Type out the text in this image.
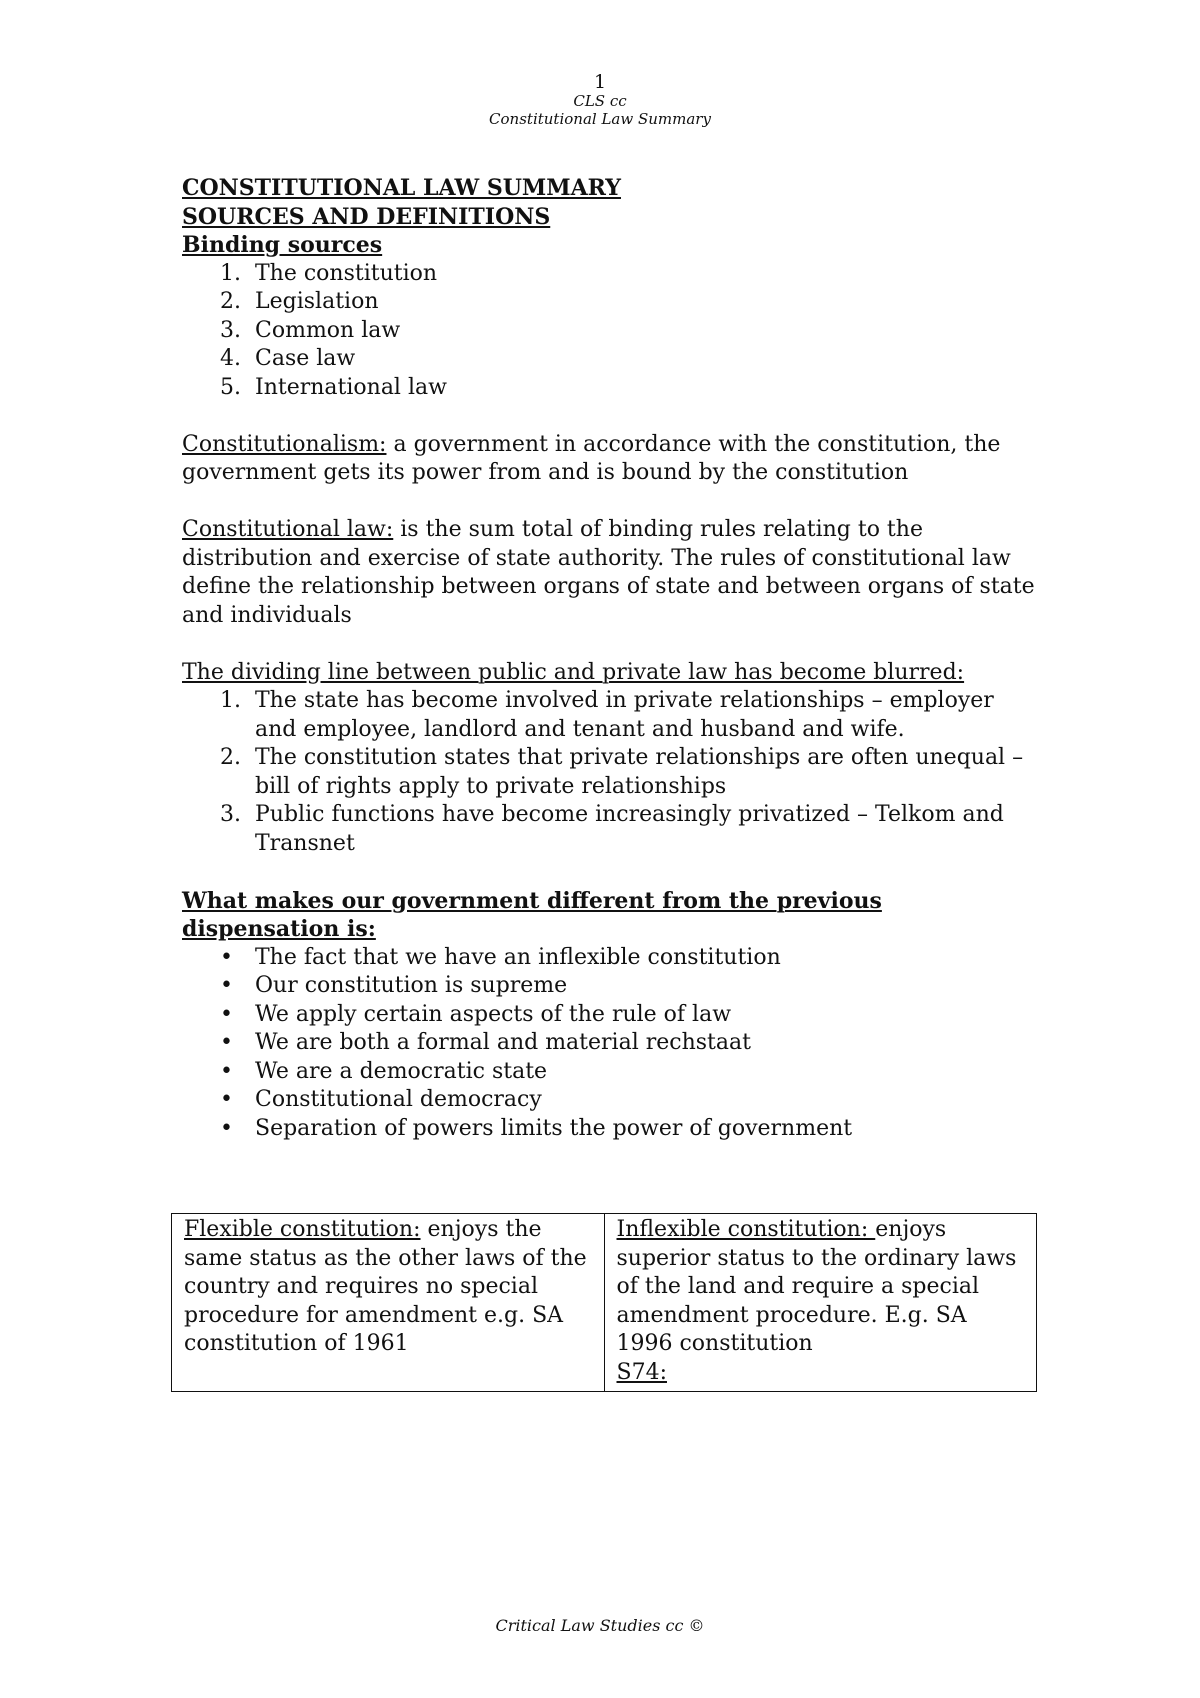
1
CLS cc
Constitutional Law Summary
CONSTITUTIONAL LAW SUMMARY
SOURCES AND DEFINITIONS
Binding sources
1. The constitution
2. Legislation
3. Common law
4. Case law
5. International law

Constitutionalism: a government in accordance with the constitution, the government gets its power from and is bound by the constitution

Constitutional law: is the sum total of binding rules relating to the distribution and exercise of state authority. The rules of constitutional law define the relationship between organs of state and between organs of state and individuals

The dividing line between public and private law has become blurred:
1. The state has become involved in private relationships – employer and employee, landlord and tenant and husband and wife.
2. The constitution states that private relationships are often unequal – bill of rights apply to private relationships
3. Public functions have become increasingly privatized – Telkom and Transnet
What makes our government different from the previous dispensation is:
•	The fact that we have an inflexible constitution
•	Our constitution is supreme
•	We apply certain aspects of the rule of law
•	We are both a formal and material rechstaat
•	We are a democratic state
•	Constitutional democracy
•	Separation of powers limits the power of government
Flexible constitution: enjoys the same status as the other laws of the country and requires no special procedure for amendment e.g. SA constitution of 1961	Inflexible constitution: enjoys superior status to the ordinary laws of the land and require a special amendment procedure. E.g. SA 1996 constitution
S74:
Critical Law Studies cc ©
